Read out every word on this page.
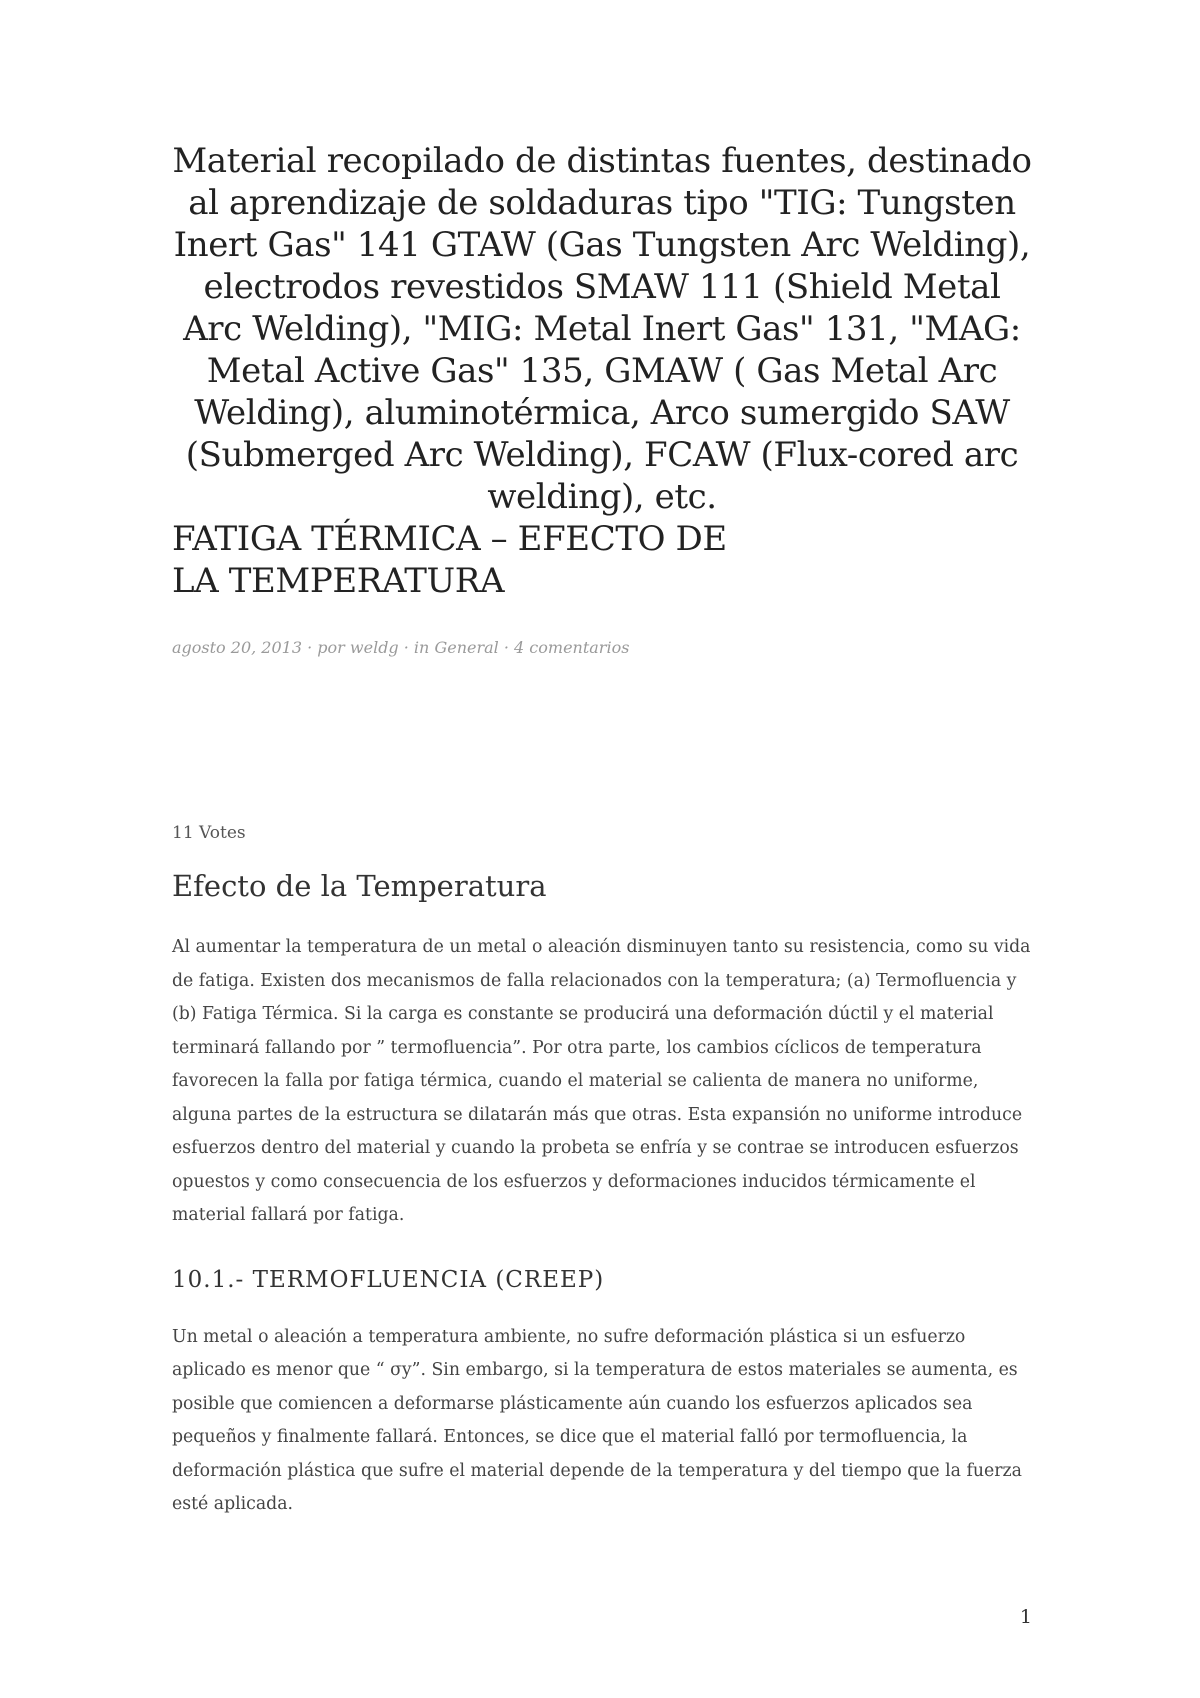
Material recopilado de distintas fuentes, destinado al aprendizaje de soldaduras tipo "TIG: Tungsten Inert Gas" 141 GTAW (Gas Tungsten Arc Welding), electrodos revestidos SMAW 111 (Shield Metal Arc Welding), "MIG: Metal Inert Gas" 131, "MAG: Metal Active Gas" 135, GMAW ( Gas Metal Arc Welding), aluminotérmica, Arco sumergido SAW (Submerged Arc Welding), FCAW (Flux-cored arc welding), etc.
FATIGA TÉRMICA – EFECTO DE
LA TEMPERATURA
agosto 20, 2013 · por weldg · in General · 4 comentarios
11 Votes
Efecto de la Temperatura
Al aumentar la temperatura de un metal o aleación disminuyen tanto su resistencia, como su vida de fatiga. Existen dos mecanismos de falla relacionados con la temperatura; (a) Termofluencia y (b) Fatiga Térmica. Si la carga es constante se producirá una deformación dúctil y el material terminará fallando por ” termofluencia”. Por otra parte, los cambios cíclicos de temperatura favorecen la falla por fatiga térmica, cuando el material se calienta de manera no uniforme, alguna partes de la estructura se dilatarán más que otras. Esta expansión no uniforme introduce esfuerzos dentro del material y cuando la probeta se enfría y se contrae se introducen esfuerzos opuestos y como consecuencia de los esfuerzos y deformaciones inducidos térmicamente el material fallará por fatiga.
10.1.- TERMOFLUENCIA (CREEP)
Un metal o aleación a temperatura ambiente, no sufre deformación plástica si un esfuerzo aplicado es menor que “ σy”. Sin embargo, si la temperatura de estos materiales se aumenta, es posible que comiencen a deformarse plásticamente aún cuando los esfuerzos aplicados sea pequeños y finalmente fallará. Entonces, se dice que el material falló por termofluencia, la deformación plástica que sufre el material depende de la temperatura y del tiempo que la fuerza esté aplicada.
1
